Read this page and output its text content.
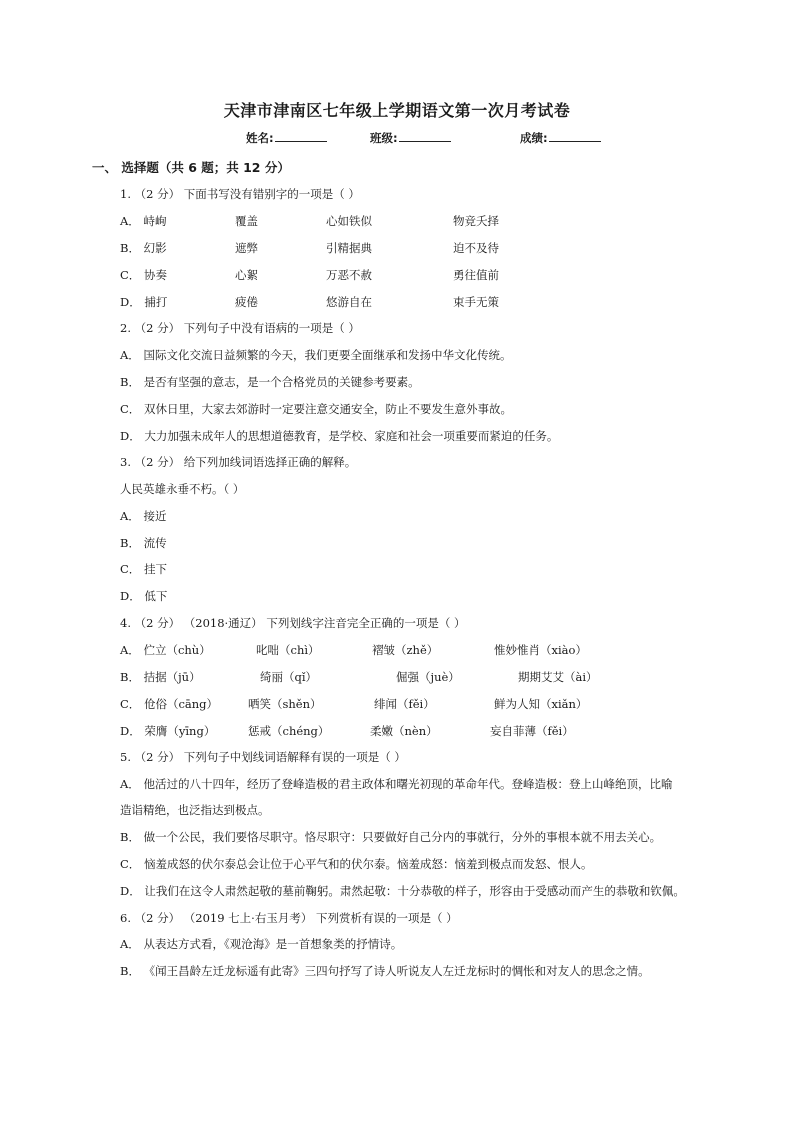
天津市津南区七年级上学期语文第一次月考试卷
姓名:	班级:	成绩:
一、 选择题（共 6 题；共 12 分）
1. （2 分） 下面书写没有错别字的一项是（ ）
A． 峙峋	覆盖	心如铁似	物竞夭择
B． 幻影	遮弊	引精据典	迫不及待
C． 协奏	心絮	万恶不赦	勇往值前
D． 捕打	疲倦	悠游自在	束手无策
2. （2 分） 下列句子中没有语病的一项是（ ）
A． 国际文化交流日益频繁的今天，我们更要全面继承和发扬中华文化传统。
B． 是否有坚强的意志，是一个合格党员的关键参考要素。
C． 双休日里，大家去郊游时一定要注意交通安全，防止不要发生意外事故。
D． 大力加强未成年人的思想道德教育，是学校、家庭和社会一项重要而紧迫的任务。
3. （2 分） 给下列加线词语选择正确的解释。
人民英雄永垂不朽。（ ）
A． 接近
B． 流传
C． 挂下
D． 低下
4. （2 分） （2018·通辽） 下列划线字注音完全正确的一项是（ ）
A． 伫立（chù）	叱咄（chì）	褶皱（zhě）	惟妙惟肖（xiào）
B． 拮据（jū）	绮丽（qǐ）	倔强（juè）	期期艾艾（ài）
C． 伧俗（cāng）	哂笑（shěn）	绯闻（fěi）	鲜为人知（xiǎn）
D． 荣膺（yīng）	惩戒（chéng）	柔嫩（nèn）	妄自菲薄（fěi）
5. （2 分） 下列句子中划线词语解释有误的一项是（ ）
A． 他活过的八十四年，经历了登峰造极的君主政体和曙光初现的革命年代。登峰造极：登上山峰绝顶，比喻
造诣精绝，也泛指达到极点。
B． 做一个公民，我们要恪尽职守。恪尽职守：只要做好自己分内的事就行，分外的事根本就不用去关心。
C． 恼羞成怒的伏尔泰总会让位于心平气和的伏尔泰。恼羞成怒：恼羞到极点而发怒、恨人。
D． 让我们在这令人肃然起敬的墓前鞠躬。肃然起敬：十分恭敬的样子，形容由于受感动而产生的恭敬和钦佩。
6. （2 分） （2019 七上·右玉月考） 下列赏析有误的一项是（ ）
A． 从表达方式看，《观沧海》是一首想象类的抒情诗。
B． 《闻王昌龄左迁龙标遥有此寄》三四句抒写了诗人听说友人左迁龙标时的惆怅和对友人的思念之情。
